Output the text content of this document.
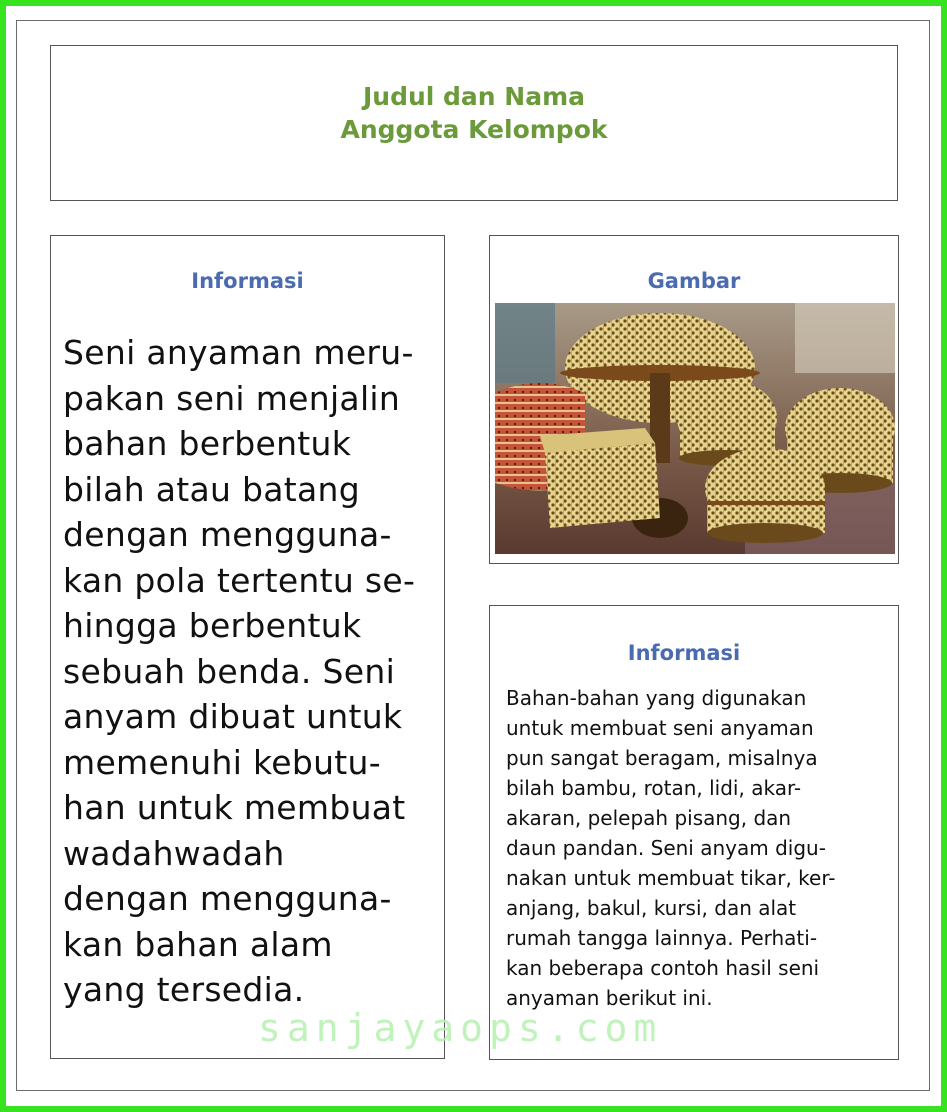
Judul dan Nama
Anggota Kelompok
Informasi
Seni anyaman meru-
pakan seni menjalin
bahan berbentuk
bilah atau batang
dengan mengguna-
kan pola tertentu se-
hingga berbentuk
sebuah benda. Seni
anyam dibuat untuk
memenuhi kebutu-
han untuk membuat
wadahwadah
dengan mengguna-
kan bahan alam
yang tersedia.
Gambar
Informasi
Bahan-bahan yang digunakan
untuk membuat seni anyaman
pun sangat beragam, misalnya
bilah bambu, rotan, lidi, akar-
akaran, pelepah pisang, dan
daun pandan. Seni anyam digu-
nakan untuk membuat tikar, ker-
anjang, bakul, kursi, dan alat
rumah tangga lainnya. Perhati-
kan beberapa contoh hasil seni
anyaman berikut ini.
sanjayaops.com
